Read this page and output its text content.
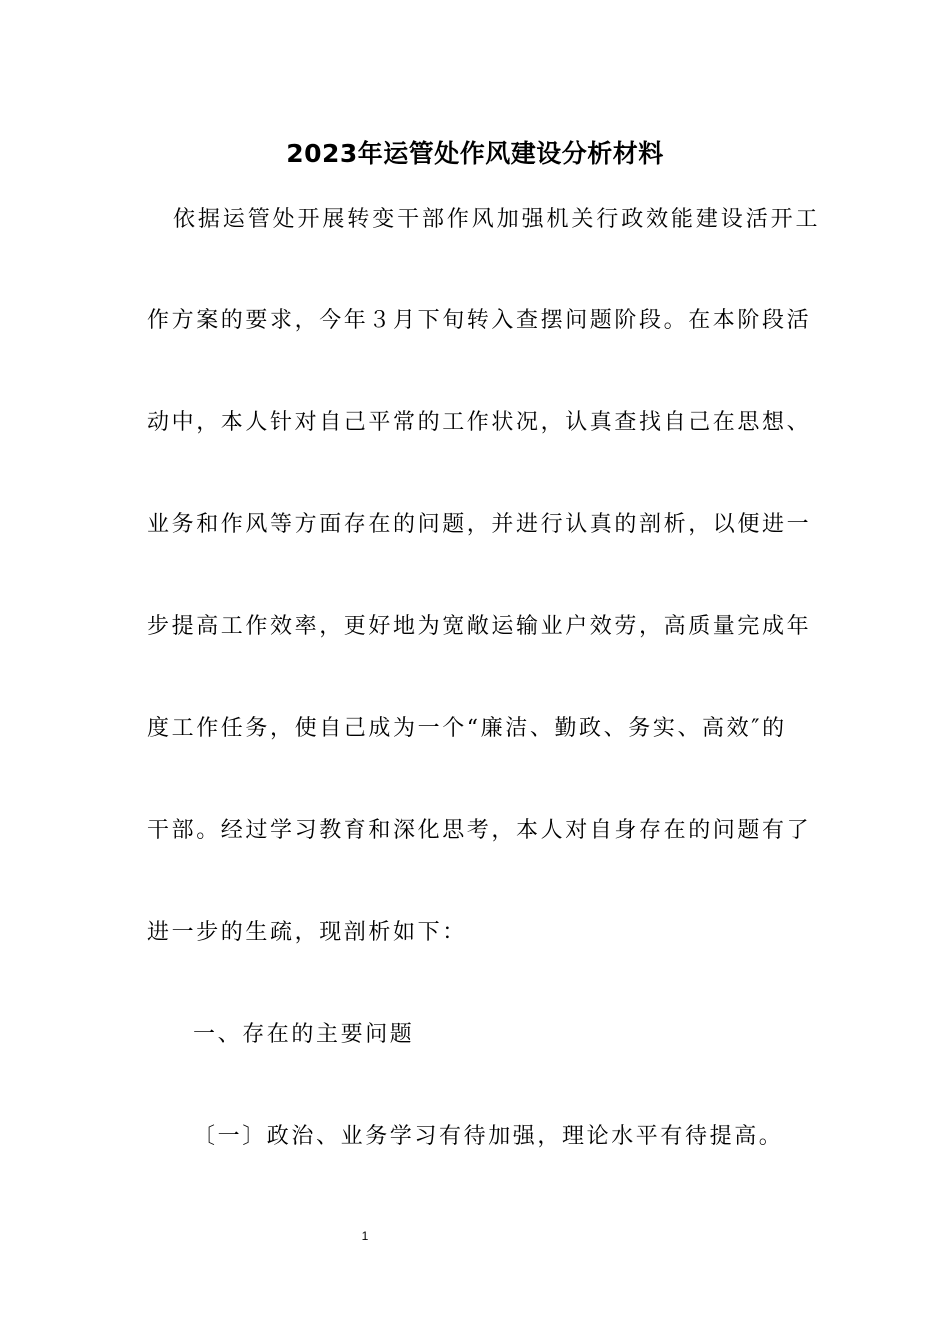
2023年运管处作风建设分析材料
依据运管处开展转变干部作风加强机关行政效能建设活开工
作方案的要求，今年３月下旬转入查摆问题阶段。在本阶段活
动中，本人针对自己平常的工作状况，认真查找自己在思想、
业务和作风等方面存在的问题，并进行认真的剖析，以便进一
步提高工作效率，更好地为宽敞运输业户效劳，高质量完成年
度工作任务，使自己成为一个“廉洁、勤政、务实、高效″的
干部。经过学习教育和深化思考，本人对自身存在的问题有了
进一步的生疏，现剖析如下：
一、存在的主要问题
〔一〕政治、业务学习有待加强，理论水平有待提高。
1
